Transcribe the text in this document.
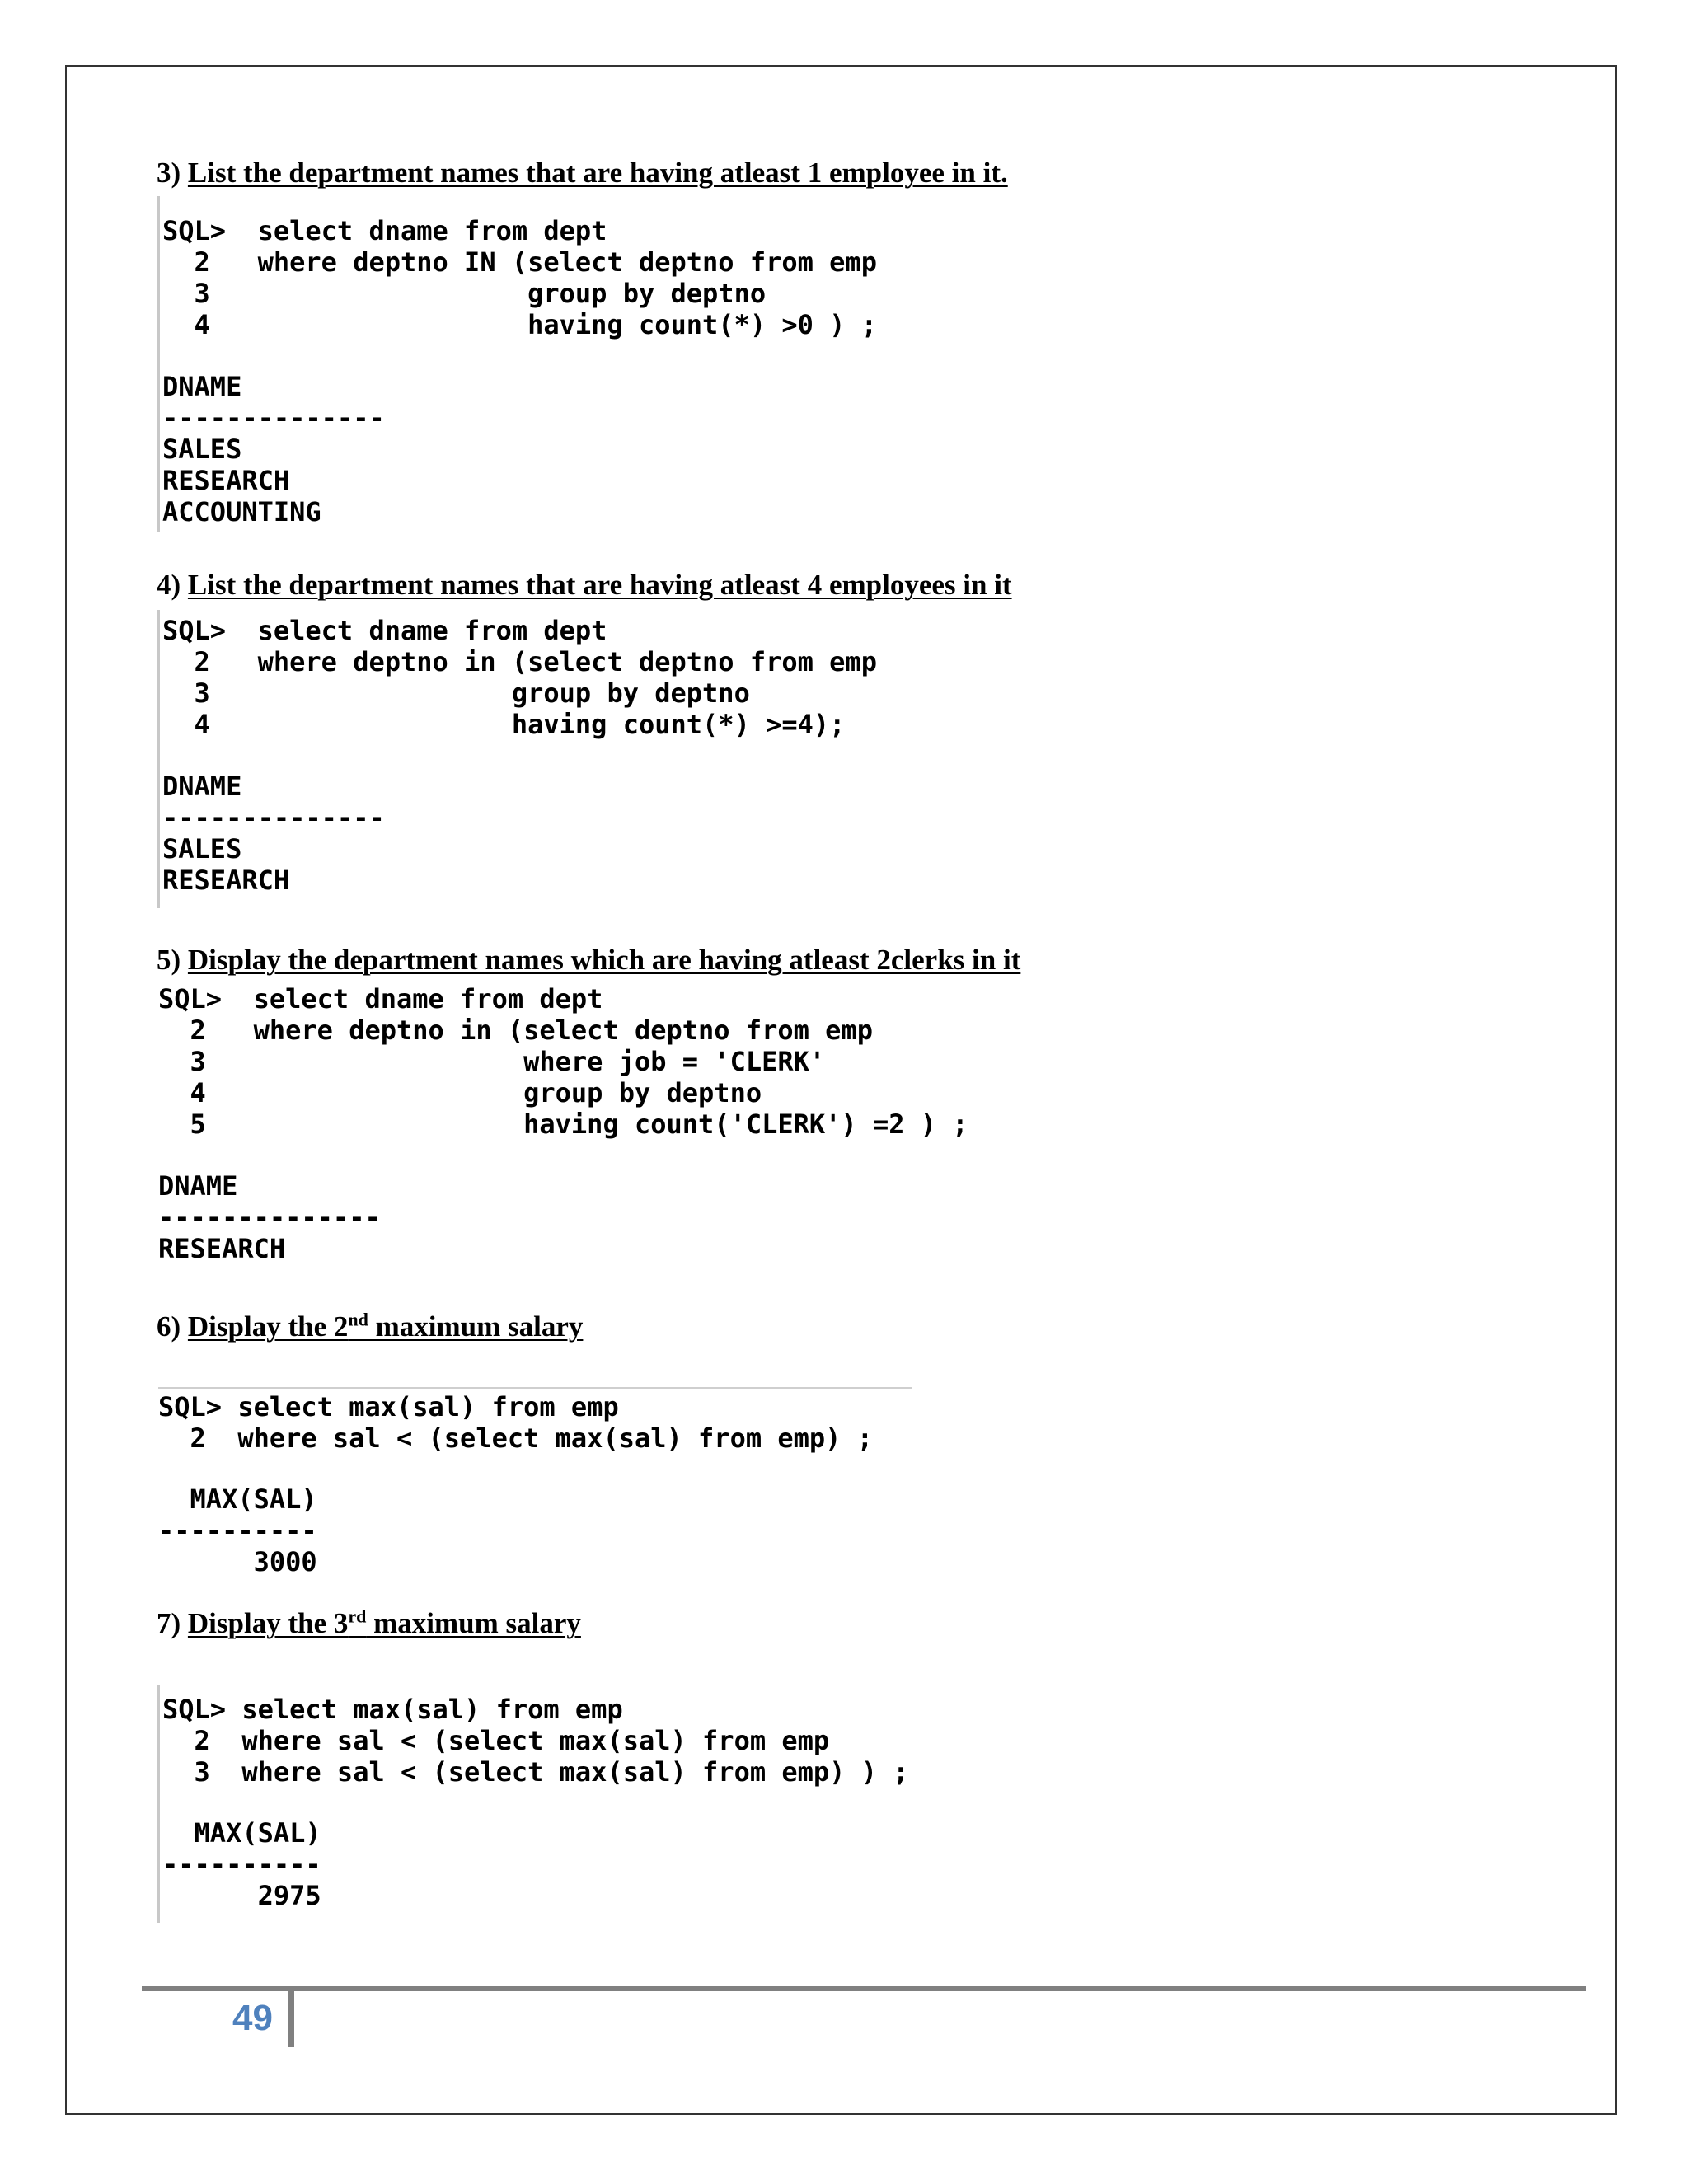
3) List the department names that are having atleast 1 employee in it.
SQL>  select dname from dept
2   where deptno IN (select deptno from emp
3                    group by deptno
4                    having count(*) >0 ) ;
DNAME
--------------
SALES
RESEARCH
ACCOUNTING
4) List the department names that are having atleast 4 employees in it
SQL>  select dname from dept
2   where deptno in (select deptno from emp
3                   group by deptno
4                   having count(*) >=4);
DNAME
--------------
SALES
RESEARCH
5) Display the department names which are having atleast 2clerks in it
SQL>  select dname from dept
2   where deptno in (select deptno from emp
3                    where job = 'CLERK'
4                    group by deptno
5                    having count('CLERK') =2 ) ;
DNAME
--------------
RESEARCH
6) Display the 2nd maximum salary
SQL> select max(sal) from emp
2  where sal < (select max(sal) from emp) ;
MAX(SAL)
----------
3000
7) Display the 3rd maximum salary
SQL> select max(sal) from emp
2  where sal < (select max(sal) from emp
3  where sal < (select max(sal) from emp) ) ;
MAX(SAL)
----------
2975
49
